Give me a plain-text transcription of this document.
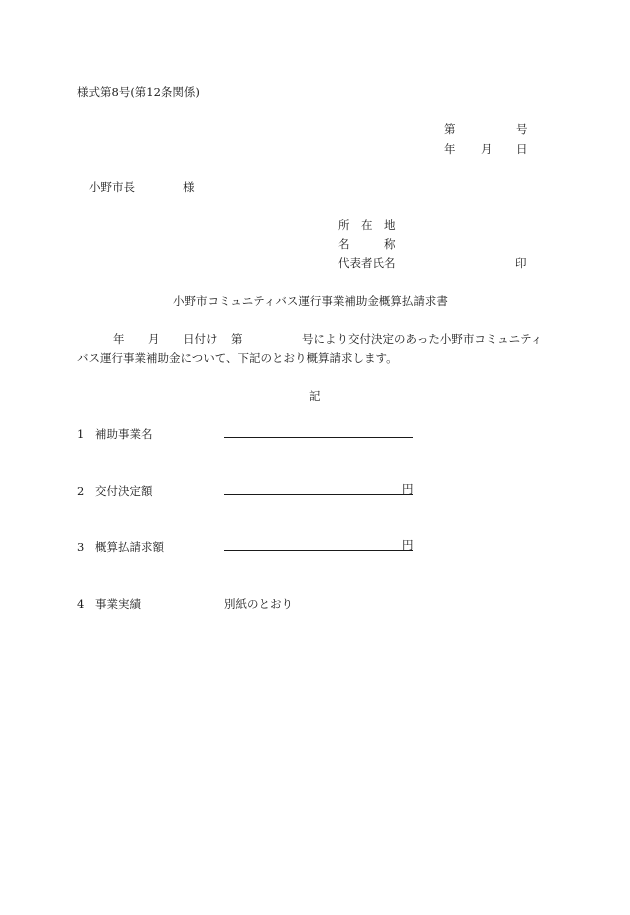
様式第8号(第12条関係)
第	号
年 月 日
小野市長	様
所　在　地
名　　　称
代表者氏名	印
小野市コミュニティバス運行事業補助金概算払請求書
年 月 日付け 第	号により交付決定のあった小野市コミュニティ
バス運行事業補助金について、下記のとおり概算請求します。
記
1 補助事業名
2 交付決定額	円
3 概算払請求額	円
4 事業実績	別紙のとおり
